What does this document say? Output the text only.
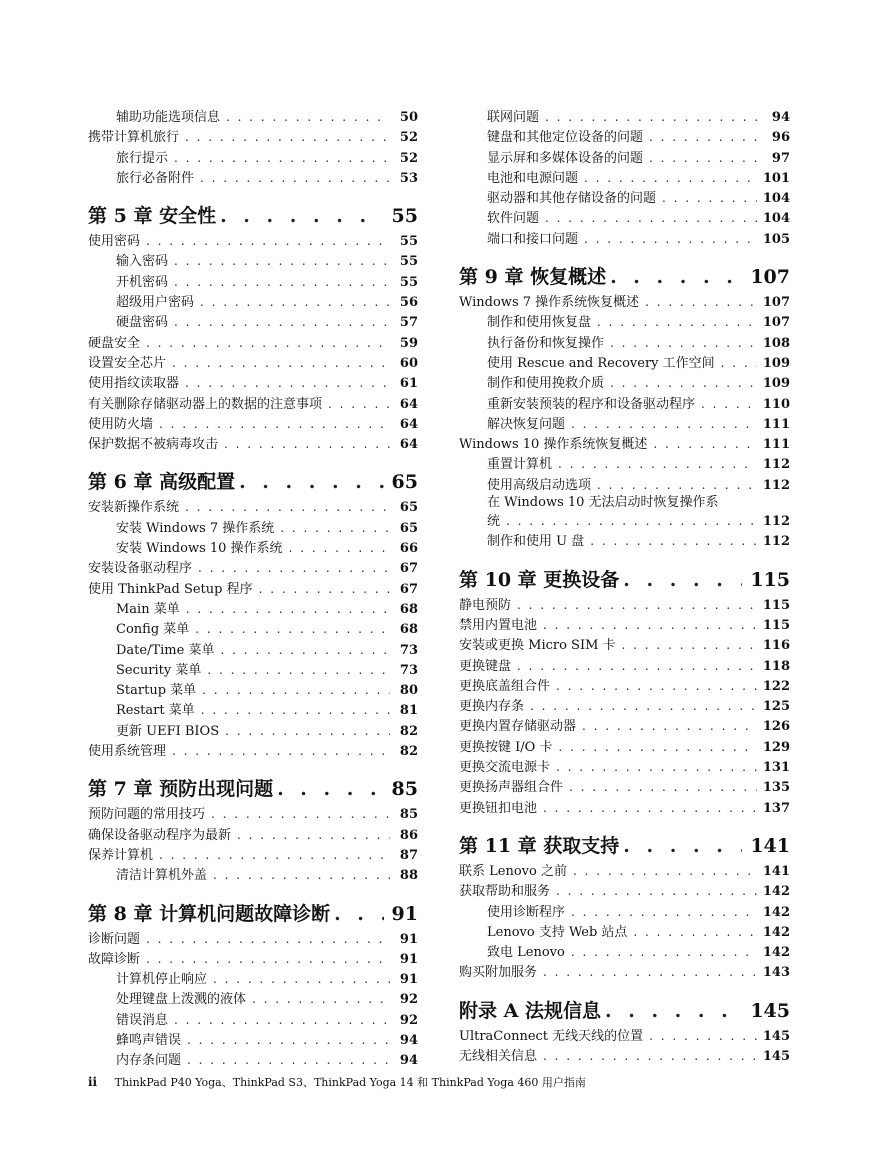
辅助功能选项信息 . . .	50
携带计算机旅行 . . .	52
旅行提示 . . .	52
旅行必备附件 . . .	53
第 5 章 安全性 . . .	55
使用密码 . . .	55
输入密码 . . .	55
开机密码 . . .	55
超级用户密码 . . .	56
硬盘密码 . . .	57
硬盘安全 . . .	59
设置安全芯片 . . .	60
使用指纹读取器 . . .	61
有关删除存储驱动器上的数据的注意事项 . . .	64
使用防火墙 . . .	64
保护数据不被病毒攻击 . . .	64
第 6 章 高级配置 . . .	65
安装新操作系统 . . .	65
安装 Windows 7 操作系统 . . .	65
安装 Windows 10 操作系统 . . .	66
安装设备驱动程序 . . .	67
使用 ThinkPad Setup 程序 . . .	67
Main 菜单 . . .	68
Config 菜单 . . .	68
Date/Time 菜单 . . .	73
Security 菜单 . . .	73
Startup 菜单 . . .	80
Restart 菜单 . . .	81
更新 UEFI BIOS . . .	82
使用系统管理 . . .	82
第 7 章 预防出现问题 . . .	85
预防问题的常用技巧 . . .	85
确保设备驱动程序为最新 . . .	86
保养计算机 . . .	87
清洁计算机外盖 . . .	88
第 8 章 计算机问题故障诊断 . . .	91
诊断问题 . . .	91
故障诊断 . . .	91
计算机停止响应 . . .	91
处理键盘上泼溅的液体 . . .	92
错误消息 . . .	92
蜂鸣声错误 . . .	94
内存条问题 . . .	94
联网问题 . . .	94
键盘和其他定位设备的问题 . . .	96
显示屏和多媒体设备的问题 . . .	97
电池和电源问题 . . .	101
驱动器和其他存储设备的问题 . . .	104
软件问题 . . .	104
端口和接口问题 . . .	105
第 9 章 恢复概述 . . .	107
Windows 7 操作系统恢复概述 . . .	107
制作和使用恢复盘 . . .	107
执行备份和恢复操作 . . .	108
使用 Rescue and Recovery 工作空间 . . .	109
制作和使用挽救介质 . . .	109
重新安装预装的程序和设备驱动程序 . . .	110
解决恢复问题 . . .	111
Windows 10 操作系统恢复概述 . . .	111
重置计算机 . . .	112
使用高级启动选项 . . .	112
在 Windows 10 无法启动时恢复操作系
统 . . .	112
制作和使用 U 盘 . . .	112
第 10 章 更换设备 . . .	115
静电预防 . . .	115
禁用内置电池 . . .	115
安装或更换 Micro SIM 卡 . . .	116
更换键盘 . . .	118
更换底盖组合件 . . .	122
更换内存条 . . .	125
更换内置存储驱动器 . . .	126
更换按键 I/O 卡 . . .	129
更换交流电源卡 . . .	131
更换扬声器组合件 . . .	135
更换钮扣电池 . . .	137
第 11 章 获取支持 . . .	141
联系 Lenovo 之前 . . .	141
获取帮助和服务 . . .	142
使用诊断程序 . . .	142
Lenovo 支持 Web 站点 . . .	142
致电 Lenovo . . .	142
购买附加服务 . . .	143
附录 A 法规信息 . . .	145
UltraConnect 无线天线的位置 . . .	145
无线相关信息 . . .	145
ii ThinkPad P40 Yoga、ThinkPad S3、ThinkPad Yoga 14 和 ThinkPad Yoga 460 用户指南
